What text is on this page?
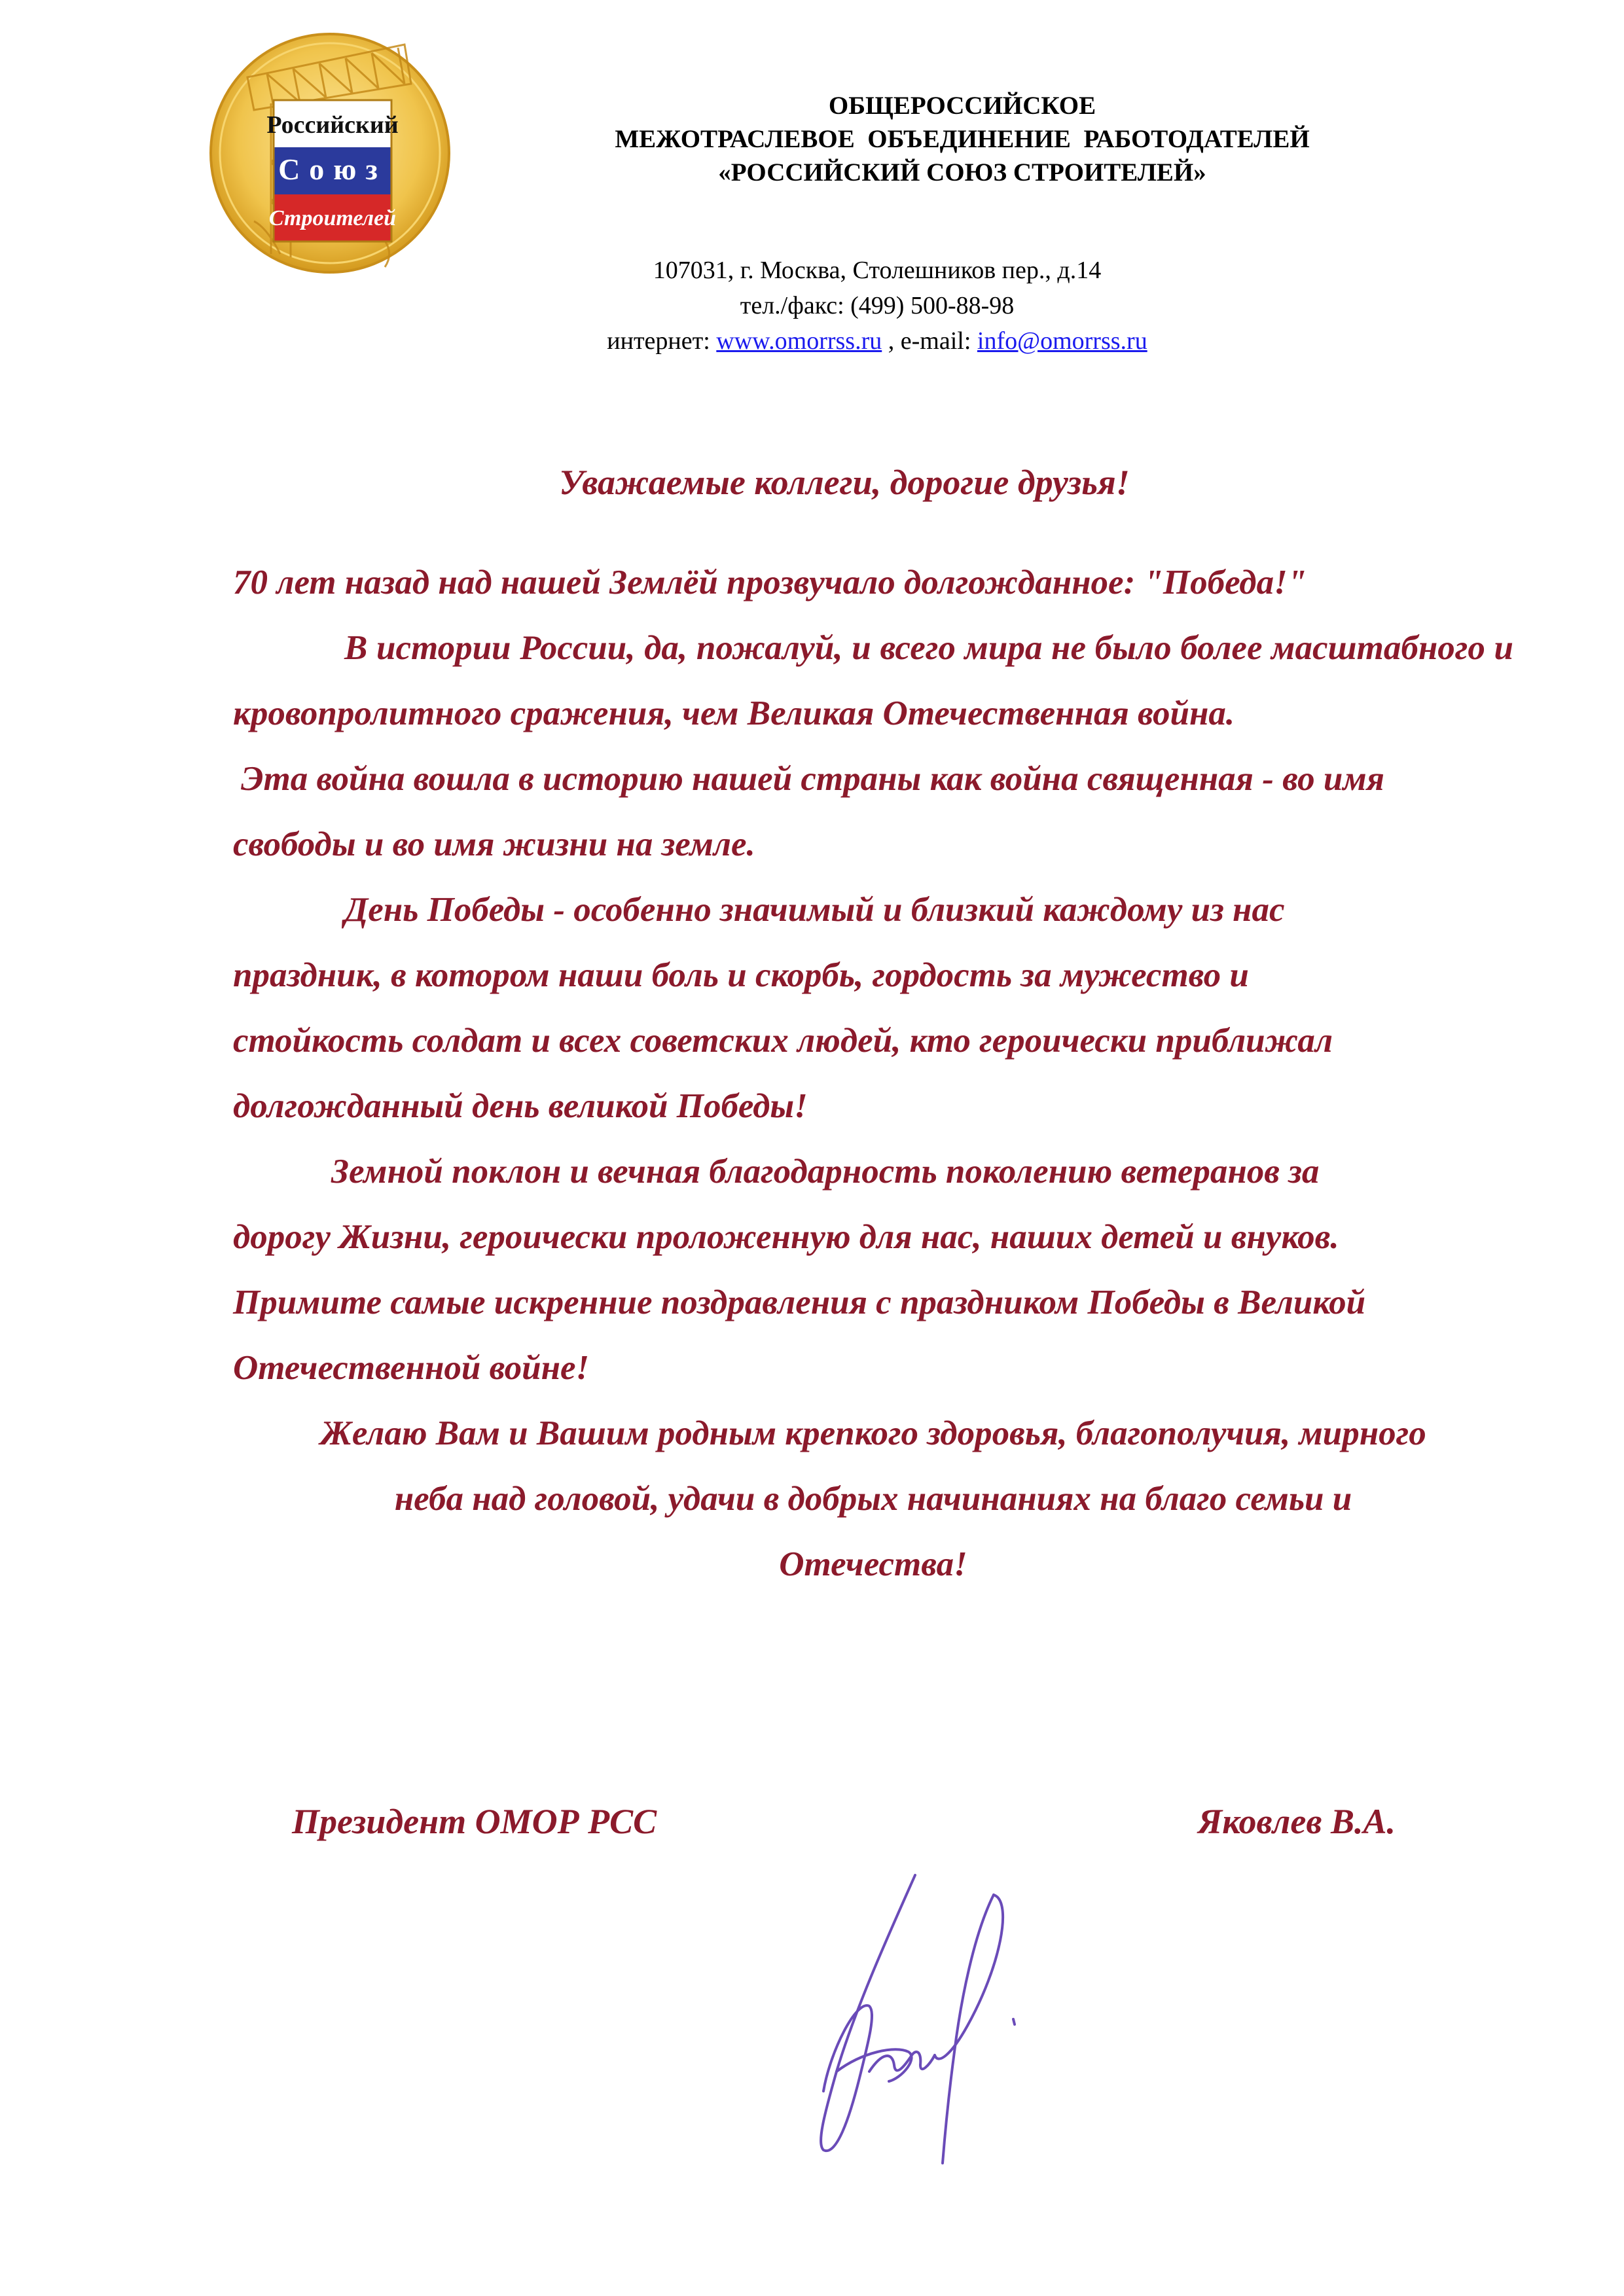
Российский
Союз
Строителей
ОБЩЕРОССИЙСКОЕ
МЕЖОТРАСЛЕВОЕ  ОБЪЕДИНЕНИЕ  РАБОТОДАТЕЛЕЙ
«РОССИЙСКИЙ СОЮЗ СТРОИТЕЛЕЙ»
107031, г. Москва, Столешников пер., д.14
тел./факс: (499) 500-88-98
интернет: www.omorrss.ru , e-mail: info@omorrss.ru
Уважаемые коллеги, дорогие друзья!

70 лет назад над нашей Землёй прозвучало долгожданное: "Победа!"

В истории России, да, пожалуй, и всего мира не было более масштабного и кровопролитного сражения, чем Великая Отечественная война.

Эта война вошла в историю нашей страны как война священная - во имя свободы и во имя жизни на земле.

День Победы - особенно значимый и близкий каждому из нас
праздник, в котором наши боль и скорбь, гордость за мужество и
стойкость солдат и всех советских людей, кто героически приближал
долгожданный день великой Победы!

Земной поклон и вечная благодарность поколению ветеранов за
дорогу Жизни, героически проложенную для нас, наших детей и внуков.
Примите самые искренние поздравления с праздником Победы в Великой
Отечественной войне!

Желаю Вам и Вашим родным крепкого здоровья, благополучия, мирного
неба над головой, удачи в добрых начинаниях на благо семьи и
Отечества!

Президент ОМОР РСС	Яковлев В.А.
